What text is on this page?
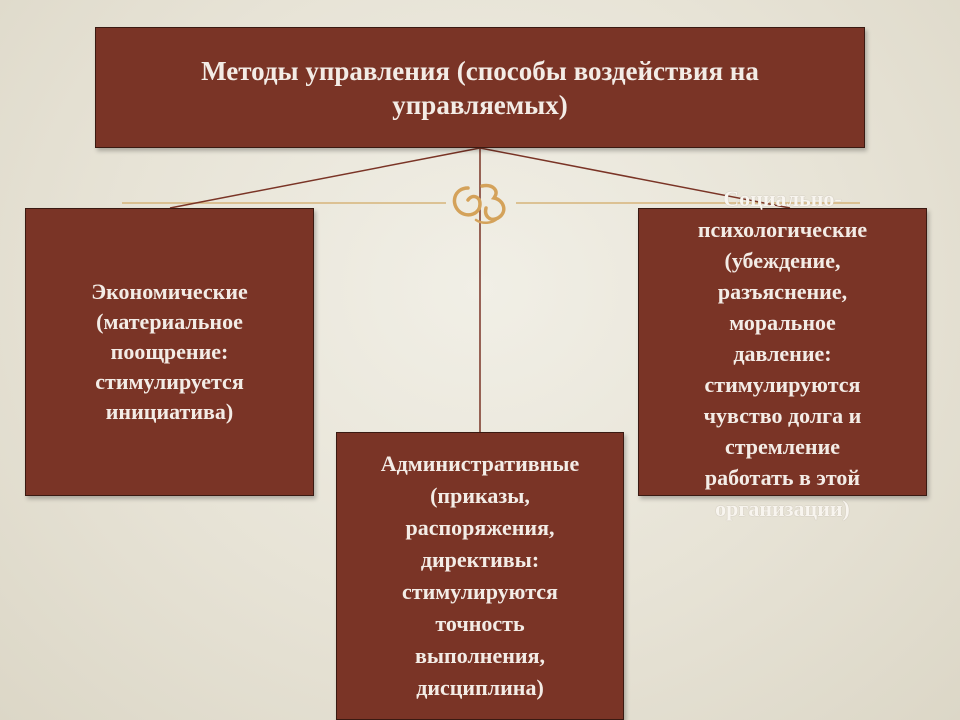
Методы управления (способы воздействия на
управляемых)
Экономические
(материальное
поощрение:
стимулируется
инициатива)
Административные
(приказы,
распоряжения,
директивы:
стимулируются
точность
выполнения,
дисциплина)
Социально-
психологические
(убеждение,
разъяснение,
моральное
давление:
стимулируются
чувство долга и
стремление
работать в этой
организации)
